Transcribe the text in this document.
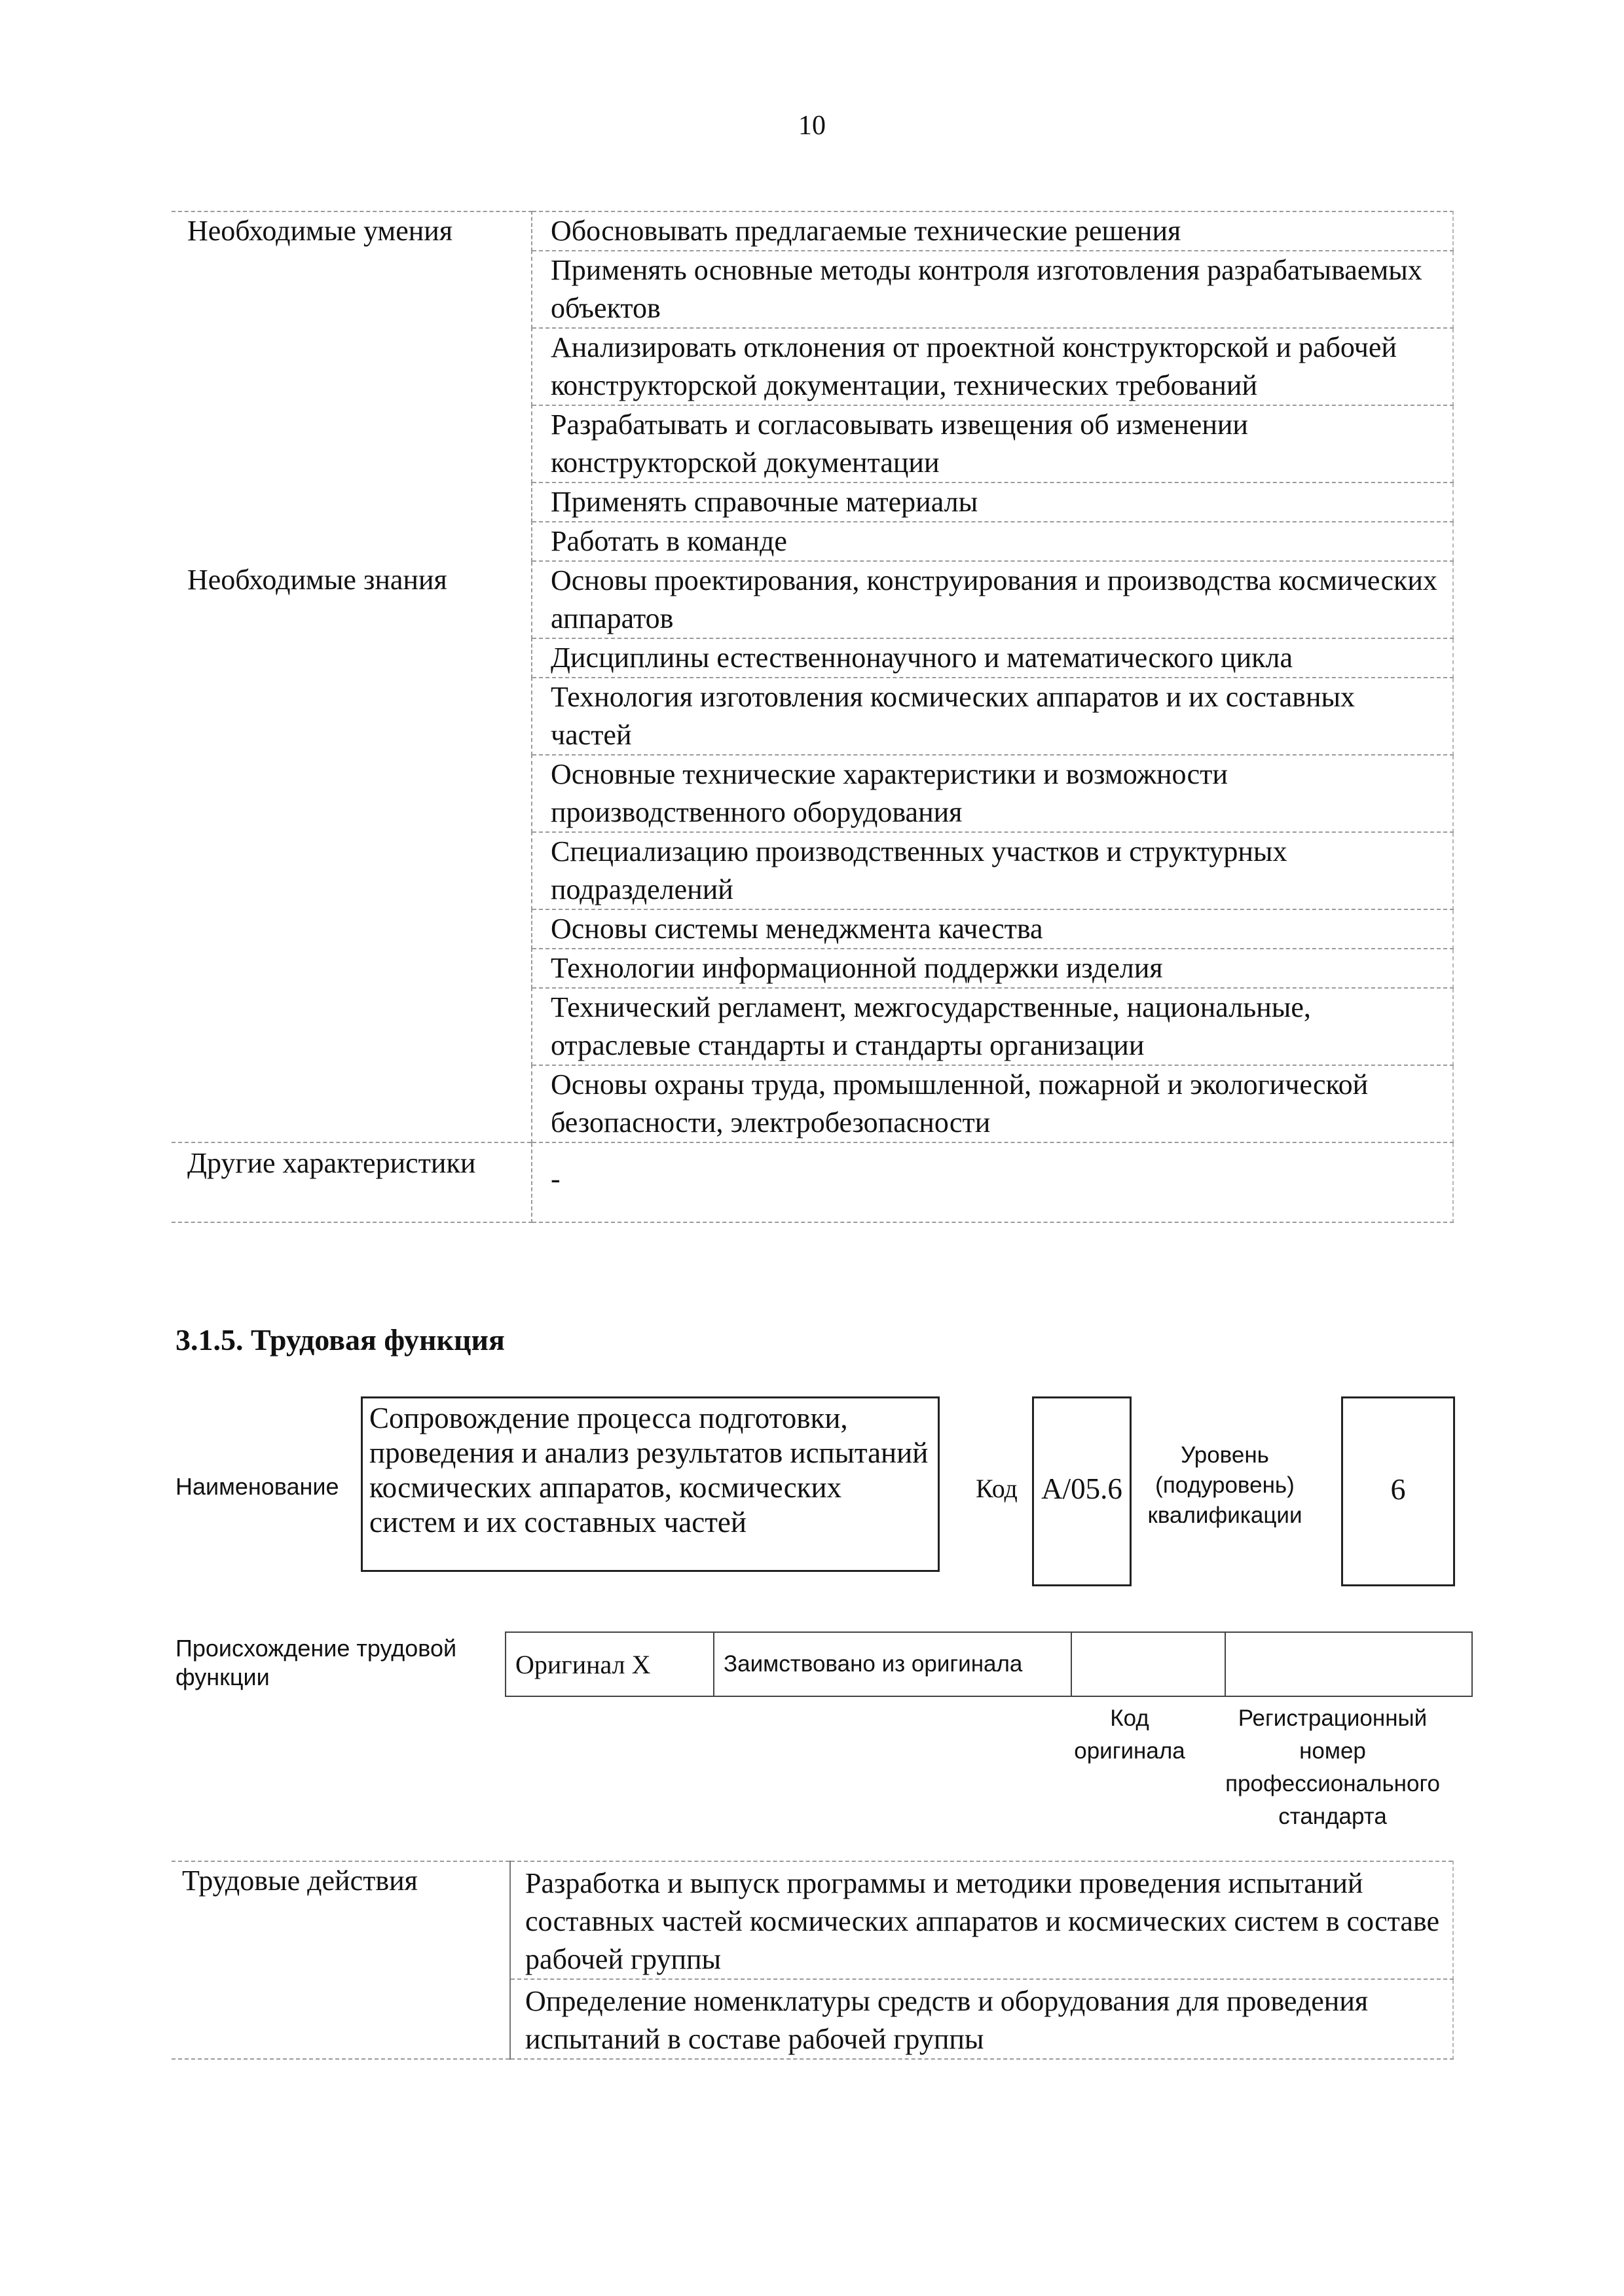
10
Необходимые умения	Обосновывать предлагаемые технические решения
	Применять основные методы контроля изготовления разрабатываемых объектов
	Анализировать отклонения от проектной конструкторской и рабочей конструкторской документации, технических требований
	Разрабатывать и согласовывать извещения об изменении конструкторской документации
	Применять справочные материалы
	Работать в команде
Необходимые знания	Основы проектирования, конструирования и производства космических аппаратов
	Дисциплины естественнонаучного и математического цикла
	Технология изготовления космических аппаратов и их составных частей
	Основные технические характеристики и возможности производственного оборудования
	Специализацию производственных участков и структурных подразделений
	Основы системы менеджмента качества
	Технологии информационной поддержки изделия
	Технический регламент, межгосударственные, национальные, отраслевые стандарты и стандарты организации
	Основы охраны труда, промышленной, пожарной и экологической безопасности, электробезопасности
Другие характеристики	-
3.1.5. Трудовая функция
Наименование
Сопровождение процесса подготовки, проведения и анализ результатов испытаний космических аппаратов, космических систем и их составных частей
Код А/05.6
Уровень (подуровень) квалификации
6
Происхождение трудовой функции	Оригинал X	Заимствовано из оригинала		
Код оригинала
Регистрационный номер профессионального стандарта
Трудовые действия	Разработка и выпуск программы и методики проведения испытаний составных частей космических аппаратов и космических систем в составе рабочей группы
Определение номенклатуры средств и оборудования для проведения испытаний в составе рабочей группы
